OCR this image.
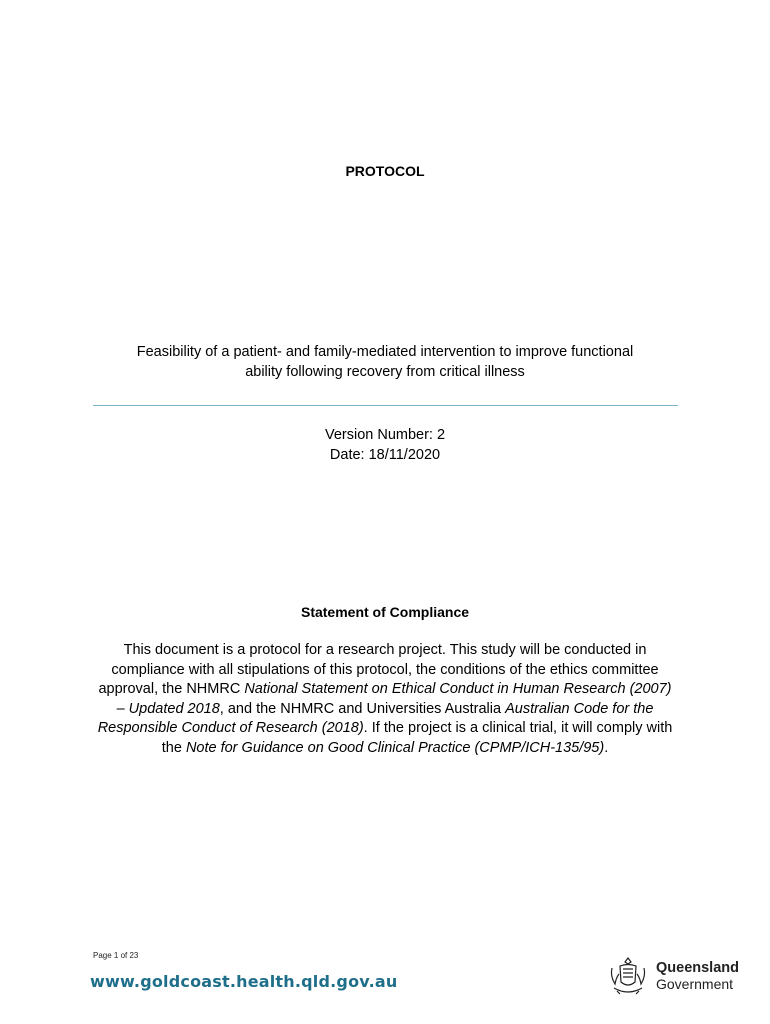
PROTOCOL
Feasibility of a patient- and family-mediated intervention to improve functional
ability following recovery from critical illness
Version Number: 2
Date: 18/11/2020
Statement of Compliance
This document is a protocol for a research project. This study will be conducted in compliance with all stipulations of this protocol, the conditions of the ethics committee approval, the NHMRC National Statement on Ethical Conduct in Human Research (2007) – Updated 2018, and the NHMRC and Universities Australia Australian Code for the Responsible Conduct of Research (2018). If the project is a clinical trial, it will comply with the Note for Guidance on Good Clinical Practice (CPMP/ICH-135/95).
Page 1 of 23
www.goldcoast.health.qld.gov.au
Queensland
Government
